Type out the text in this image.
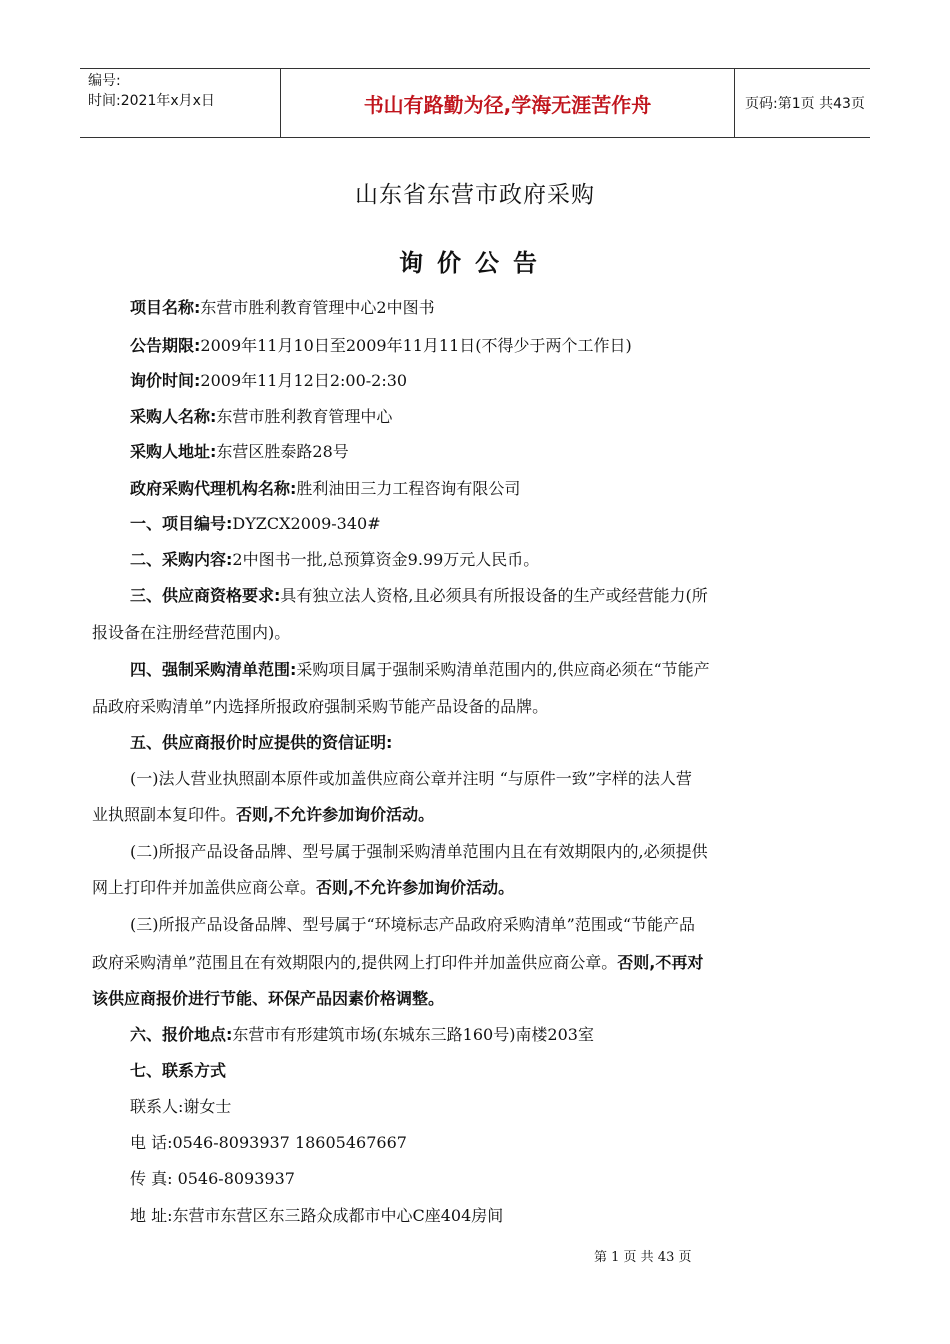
编号:
时间:2021年x月x日	书山有路勤为径,学海无涯苦作舟	页码:第1页 共43页
山东省东营市政府采购
询价公告
项目名称:东营市胜利教育管理中心2中图书
公告期限:2009年11月10日至2009年11月11日(不得少于两个工作日)
询价时间:2009年11月12日2:00-2:30
采购人名称:东营市胜利教育管理中心
采购人地址:东营区胜泰路28号
政府采购代理机构名称:胜利油田三力工程咨询有限公司
一、项目编号:DYZCX2009-340#
二、采购内容:2中图书一批,总预算资金9.99万元人民币。
三、供应商资格要求:具有独立法人资格,且必须具有所报设备的生产或经营能力(所
报设备在注册经营范围内)。
四、强制采购清单范围:采购项目属于强制采购清单范围内的,供应商必须在“节能产
品政府采购清单”内选择所报政府强制采购节能产品设备的品牌。
五、供应商报价时应提供的资信证明:
(一)法人营业执照副本原件或加盖供应商公章并注明 “与原件一致”字样的法人营
业执照副本复印件。否则,不允许参加询价活动。
(二)所报产品设备品牌、型号属于强制采购清单范围内且在有效期限内的,必须提供
网上打印件并加盖供应商公章。否则,不允许参加询价活动。
(三)所报产品设备品牌、型号属于“环境标志产品政府采购清单”范围或“节能产品
政府采购清单”范围且在有效期限内的,提供网上打印件并加盖供应商公章。否则,不再对
该供应商报价进行节能、环保产品因素价格调整。
六、报价地点:东营市有形建筑市场(东城东三路160号)南楼203室
七、联系方式
联系人:谢女士
电 话:0546-8093937 18605467667
传 真: 0546-8093937
地 址:东营市东营区东三路众成都市中心C座404房间
第 1 页 共 43 页
